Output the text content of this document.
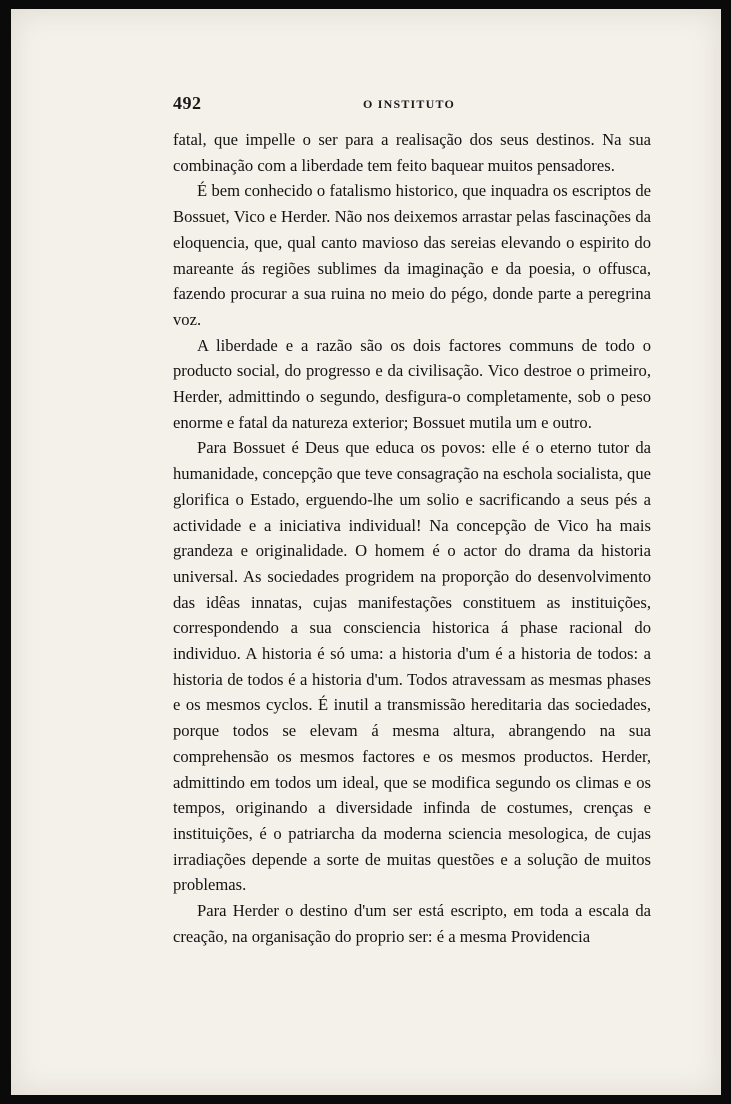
492	O INSTITUTO

fatal, que impelle o ser para a realisação dos seus destinos. Na sua combinação com a liberdade tem feito baquear muitos pensadores.

É bem conhecido o fatalismo historico, que inquadra os escriptos de Bossuet, Vico e Herder. Não nos deixemos arrastar pelas fascinações da eloquencia, que, qual canto mavioso das sereias elevando o espirito do mareante ás regiões sublimes da imaginação e da poesia, o offusca, fazendo procurar a sua ruina no meio do pégo, donde parte a peregrina voz.

A liberdade e a razão são os dois factores communs de todo o producto social, do progresso e da civilisação. Vico destroe o primeiro, Herder, admittindo o segundo, desfigura-o completamente, sob o peso enorme e fatal da natureza exterior; Bossuet mutila um e outro.

Para Bossuet é Deus que educa os povos: elle é o eterno tutor da humanidade, concepção que teve consagração na eschola socialista, que glorifica o Estado, erguendo-lhe um solio e sacrificando a seus pés a actividade e a iniciativa individual! Na concepção de Vico ha mais grandeza e originalidade. O homem é o actor do drama da historia universal. As sociedades progridem na proporção do desenvolvimento das idêas innatas, cujas manifestações constituem as instituições, correspondendo a sua consciencia historica á phase racional do individuo. A historia é só uma: a historia d'um é a historia de todos: a historia de todos é a historia d'um. Todos atravessam as mesmas phases e os mesmos cyclos. É inutil a transmissão hereditaria das sociedades, porque todos se elevam á mesma altura, abrangendo na sua comprehensão os mesmos factores e os mesmos productos. Herder, admittindo em todos um ideal, que se modifica segundo os climas e os tempos, originando a diversidade infinda de costumes, crenças e instituições, é o patriarcha da moderna sciencia mesologica, de cujas irradiações depende a sorte de muitas questões e a solução de muitos problemas.

Para Herder o destino d'um ser está escripto, em toda a escala da creação, na organisação do proprio ser: é a mesma Providencia
